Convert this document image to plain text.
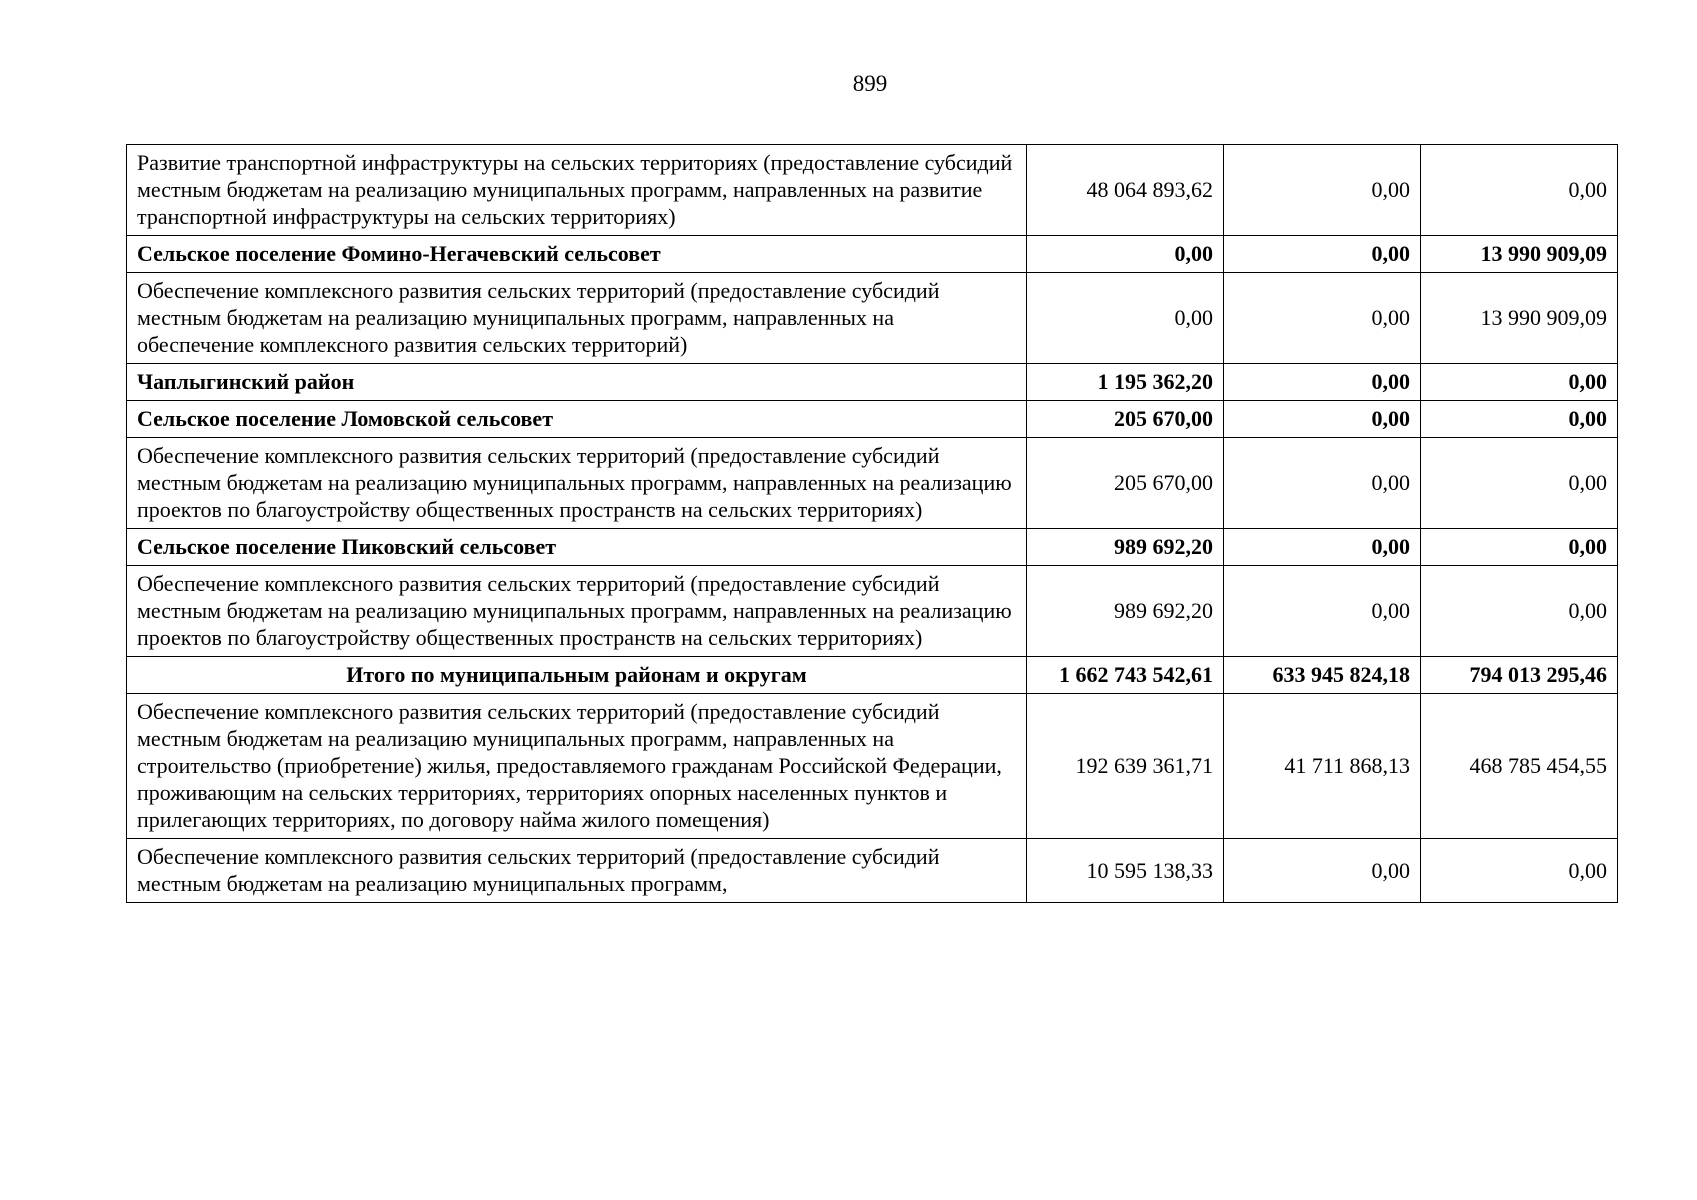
899
Развитие транспортной инфраструктуры на сельских территориях (предоставление субсидий местным бюджетам на реализацию муниципальных программ, направленных на развитие транспортной инфраструктуры на сельских территориях)	48 064 893,62	0,00	0,00
Сельское поселение Фомино-Негачевский сельсовет	0,00	0,00	13 990 909,09
Обеспечение комплексного развития сельских территорий (предоставление субсидий местным бюджетам на реализацию муниципальных программ, направленных на обеспечение комплексного развития сельских территорий)	0,00	0,00	13 990 909,09
Чаплыгинский район	1 195 362,20	0,00	0,00
Сельское поселение Ломовской сельсовет	205 670,00	0,00	0,00
Обеспечение комплексного развития сельских территорий (предоставление субсидий местным бюджетам на реализацию муниципальных программ, направленных на реализацию проектов по благоустройству общественных пространств на сельских территориях)	205 670,00	0,00	0,00
Сельское поселение Пиковский сельсовет	989 692,20	0,00	0,00
Обеспечение комплексного развития сельских территорий (предоставление субсидий местным бюджетам на реализацию муниципальных программ, направленных на реализацию проектов по благоустройству общественных пространств на сельских территориях)	989 692,20	0,00	0,00
Итого по муниципальным районам и округам	1 662 743 542,61	633 945 824,18	794 013 295,46
Обеспечение комплексного развития сельских территорий (предоставление субсидий местным бюджетам на реализацию муниципальных программ, направленных на строительство (приобретение) жилья, предоставляемого гражданам Российской Федерации, проживающим на сельских территориях, территориях опорных населенных пунктов и прилегающих территориях, по договору найма жилого помещения)	192 639 361,71	41 711 868,13	468 785 454,55
Обеспечение комплексного развития сельских территорий (предоставление субсидий местным бюджетам на реализацию муниципальных программ,	10 595 138,33	0,00	0,00
